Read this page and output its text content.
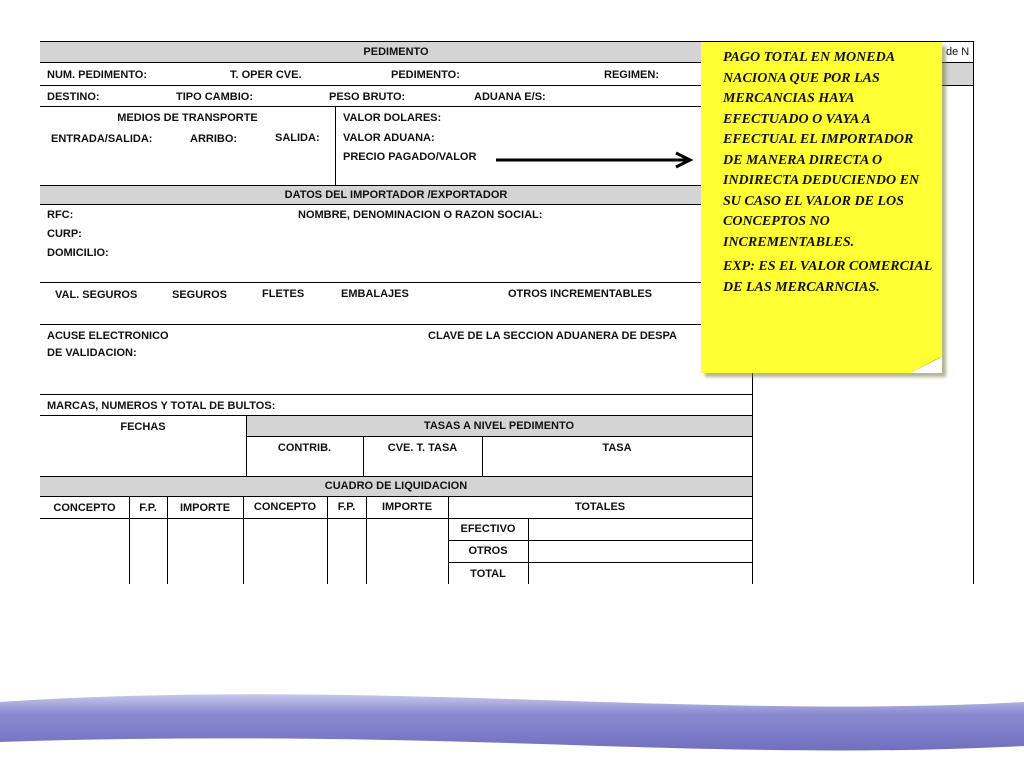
PEDIMENTO	de N
NUM. PEDIMENTO:	T. OPER CVE.	PEDIMENTO:	REGIMEN:
DESTINO:	TIPO CAMBIO:	PESO BRUTO:	ADUANA E/S:
MEDIOS DE TRANSPORTE
ENTRADA/SALIDA:	ARRIBO:	SALIDA:
VALOR DOLARES:
VALOR ADUANA:
PRECIO PAGADO/VALOR
DATOS DEL IMPORTADOR /EXPORTADOR
RFC:	NOMBRE, DENOMINACION O RAZON SOCIAL:
CURP:
DOMICILIO:
VAL. SEGUROS	SEGUROS	FLETES	EMBALAJES	OTROS INCREMENTABLES
ACUSE ELECTRONICO
DE VALIDACION:
CLAVE DE LA SECCION ADUANERA DE DESPA
MARCAS, NUMEROS Y TOTAL DE BULTOS:
FECHAS	TASAS A NIVEL PEDIMENTO
CONTRIB.	CVE. T. TASA	TASA
CUADRO DE LIQUIDACION
CONCEPTO	F.P.	IMPORTE	CONCEPTO	F.P.	IMPORTE	TOTALES
EFECTIVO
OTROS
TOTAL

PAGO TOTAL EN MONEDA NACIONA QUE POR LAS MERCANCIAS HAYA EFECTUADO O VAYA A EFECTUAL EL IMPORTADOR DE MANERA DIRECTA O INDIRECTA DEDUCIENDO EN SU CASO EL VALOR DE LOS CONCEPTOS NO INCREMENTABLES.

EXP: ES EL VALOR COMERCIAL DE LAS MERCARNCIAS.
